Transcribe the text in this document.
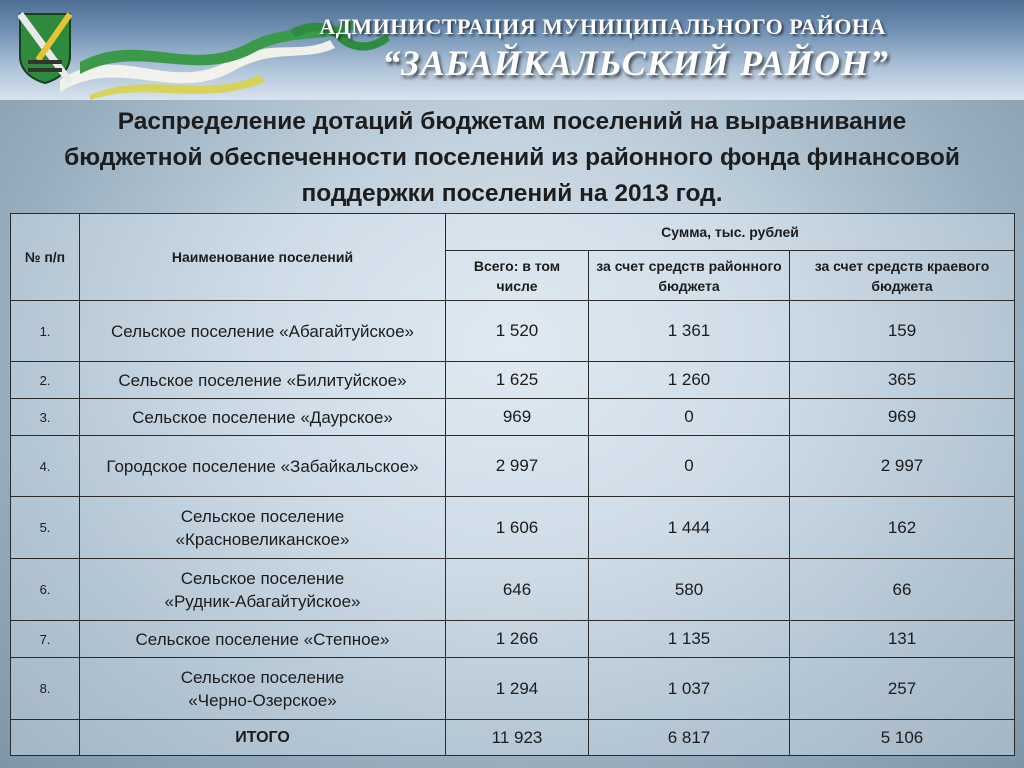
АДМИНИСТРАЦИЯ МУНИЦИПАЛЬНОГО РАЙОНА
“ЗАБАЙКАЛЬСКИЙ РАЙОН”
Распределение дотаций бюджетам поселений на выравнивание
бюджетной обеспеченности поселений из районного фонда финансовой
поддержки поселений на 2013 год.
№ п/п	Наименование поселений	Сумма, тыс. рублей		
		Всего: в том числе	за счет средств районного бюджета	за счет средств краевого бюджета
1.	Сельское поселение «Абагайтуйское»	1 520	1 361	159
2.	Сельское поселение «Билитуйское»	1 625	1 260	365
3.	Сельское поселение «Даурское»	969	0	969
4.	Городское поселение «Забайкальское»	2 997	0	2 997
5.	Сельское поселение
«Красновеликанское»	1 606	1 444	162
6.	Сельское поселение
«Рудник-Абагайтуйское»	646	580	66
7.	Сельское поселение «Степное»	1 266	1 135	131
8.	Сельское поселение
«Черно-Озерское»	1 294	1 037	257
	ИТОГО	11 923	6 817	5 106
